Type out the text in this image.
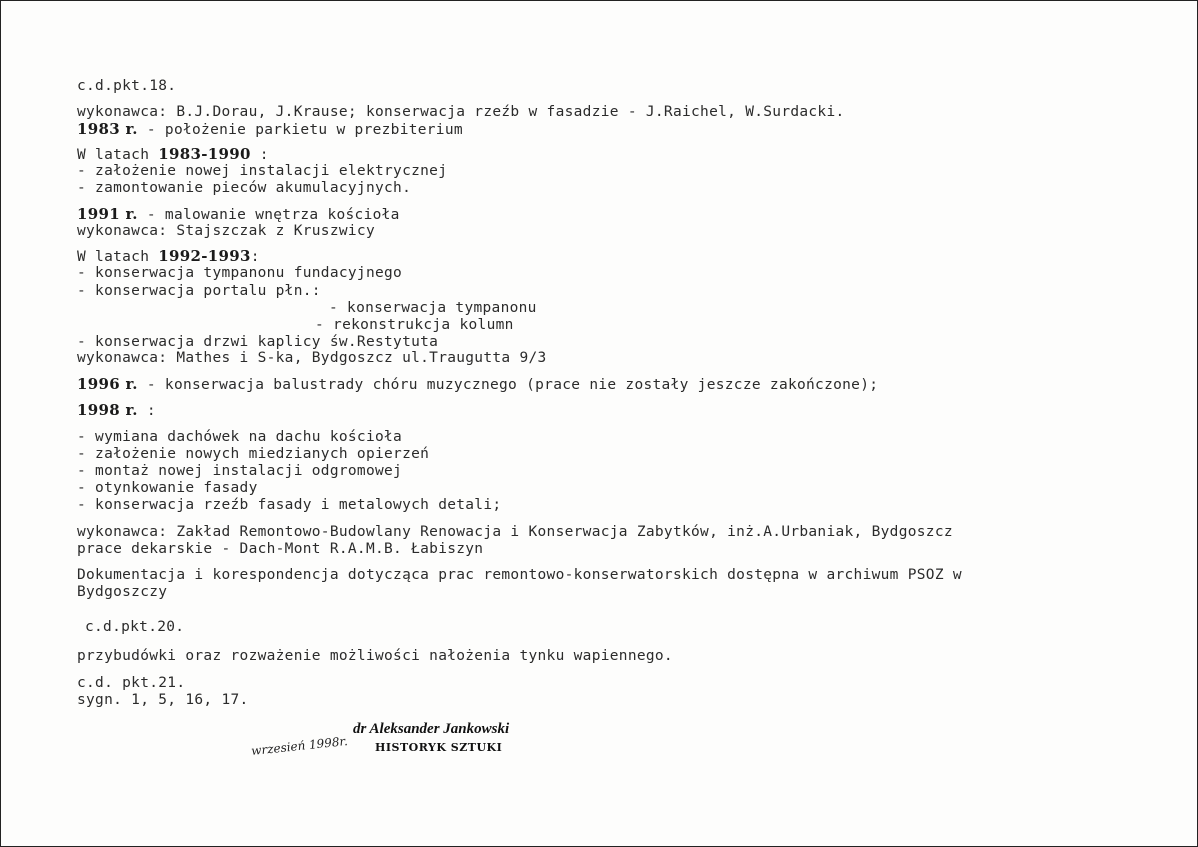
c.d.pkt.18.
wykonawca: B.J.Dorau, J.Krause; konserwacja rzeźb w fasadzie - J.Raichel, W.Surdacki.
1983 r. - położenie parkietu w prezbiterium
W latach 1983-1990 :
- założenie nowej instalacji elektrycznej
- zamontowanie pieców akumulacyjnych.
1991 r. - malowanie wnętrza kościoła
wykonawca: Stajszczak z Kruszwicy
W latach 1992-1993:
- konserwacja tympanonu fundacyjnego
- konserwacja portalu płn.:
- konserwacja tympanonu
- rekonstrukcja kolumn
- konserwacja drzwi kaplicy św.Restytuta
wykonawca: Mathes i S-ka, Bydgoszcz ul.Traugutta 9/3
1996 r. - konserwacja balustrady chóru muzycznego (prace nie zostały jeszcze zakończone);
1998 r. :
- wymiana dachówek na dachu kościoła
- założenie nowych miedzianych opierzeń
- montaż nowej instalacji odgromowej
- otynkowanie fasady
- konserwacja rzeźb fasady i metalowych detali;
wykonawca: Zakład Remontowo-Budowlany Renowacja i Konserwacja Zabytków, inż.A.Urbaniak, Bydgoszcz
prace dekarskie - Dach-Mont R.A.M.B. Łabiszyn
Dokumentacja i korespondencja dotycząca prac remontowo-konserwatorskich dostępna w archiwum PSOZ w
Bydgoszczy
c.d.pkt.20.
przybudówki oraz rozważenie możliwości nałożenia tynku wapiennego.
c.d. pkt.21.
sygn. 1, 5, 16, 17.
dr Aleksander Jankowski
HISTORYK SZTUKI
wrzesień 1998r.
